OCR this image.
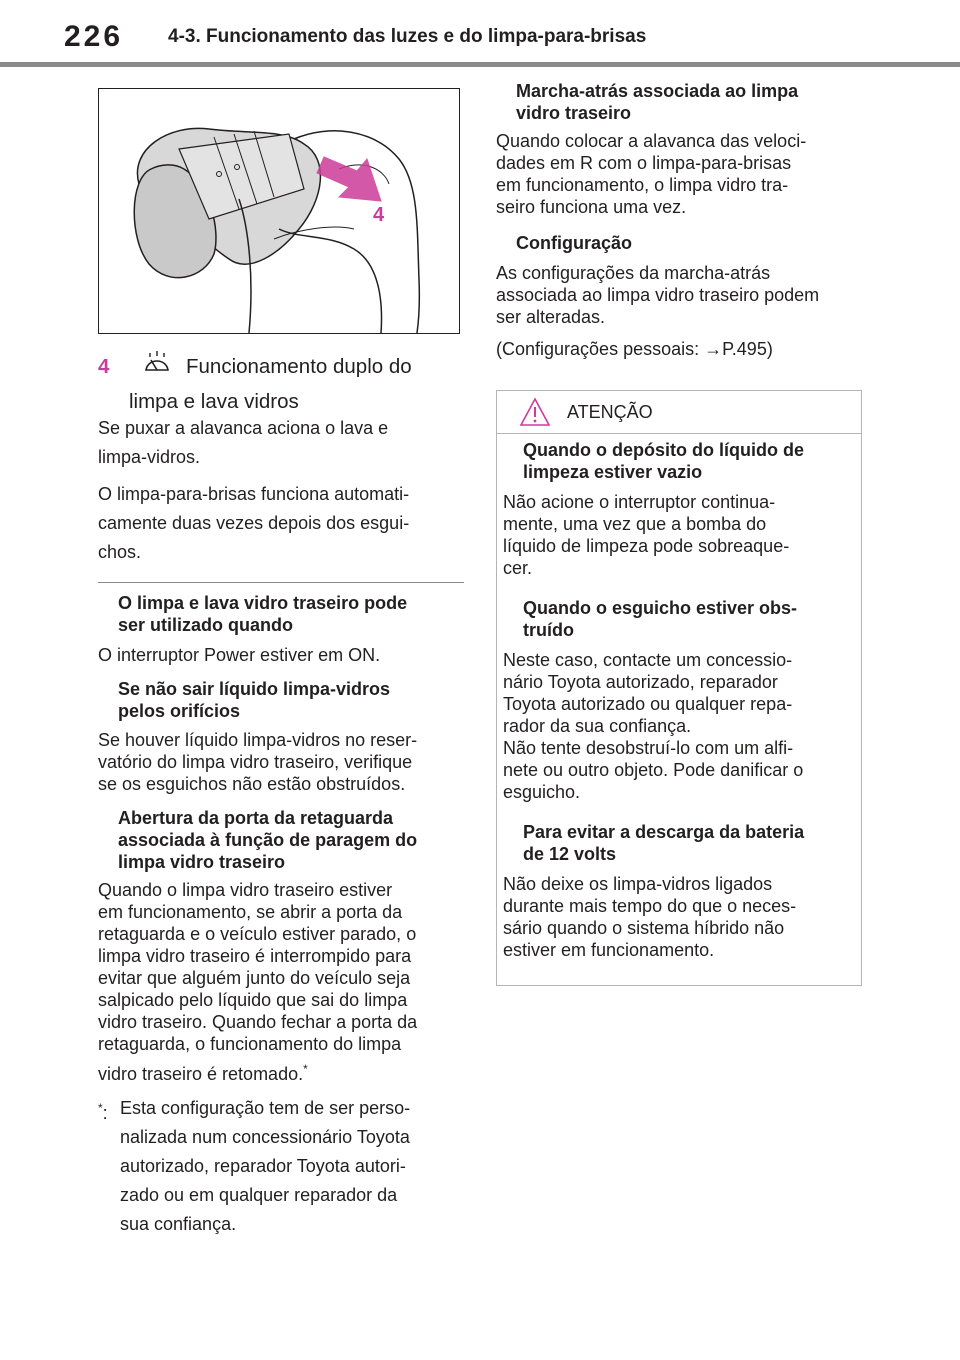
226 4-3. Funcionamento das luzes e do limpa-para-brisas
4
4	Funcionamento duplo do
limpa e lava vidros

Se puxar a alavanca aciona o lava e

limpa-vidros.

O limpa-para-brisas funciona automati-

camente duas vezes depois dos esgui-

chos.

O limpa e lava vidro traseiro pode

ser utilizado quando

O interruptor Power estiver em ON.

Se não sair líquido limpa-vidros

pelos orifícios

Se houver líquido limpa-vidros no reser-

vatório do limpa vidro traseiro, verifique

se os esguichos não estão obstruídos.

Abertura da porta da retaguarda

associada à função de paragem do

limpa vidro traseiro

Quando o limpa vidro traseiro estiver

em funcionamento, se abrir a porta da

retaguarda e o veículo estiver parado, o

limpa vidro traseiro é interrompido para

evitar que alguém junto do veículo seja

salpicado pelo líquido que sai do limpa

vidro traseiro. Quando fechar a porta da

retaguarda, o funcionamento do limpa

vidro traseiro é retomado.*

*: Esta configuração tem de ser perso-

nalizada num concessionário Toyota

autorizado, reparador Toyota autori-

zado ou em qualquer reparador da

sua confiança.

Marcha-atrás associada ao limpa

vidro traseiro

Quando colocar a alavanca das veloci-

dades em R com o limpa-para-brisas

em funcionamento, o limpa vidro tra-

seiro funciona uma vez.

Configuração

As configurações da marcha-atrás

associada ao limpa vidro traseiro podem

ser alteradas.

(Configurações pessoais: →P.495)

ATENÇÃO

Quando o depósito do líquido de

limpeza estiver vazio

Não acione o interruptor continua-

mente, uma vez que a bomba do

líquido de limpeza pode sobreaque-

cer.

Quando o esguicho estiver obs-

truído

Neste caso, contacte um concessio-

nário Toyota autorizado, reparador

Toyota autorizado ou qualquer repa-

rador da sua confiança.

Não tente desobstruí-lo com um alfi-

nete ou outro objeto. Pode danificar o

esguicho.

Para evitar a descarga da bateria

de 12 volts

Não deixe os limpa-vidros ligados

durante mais tempo do que o neces-

sário quando o sistema híbrido não

estiver em funcionamento.
